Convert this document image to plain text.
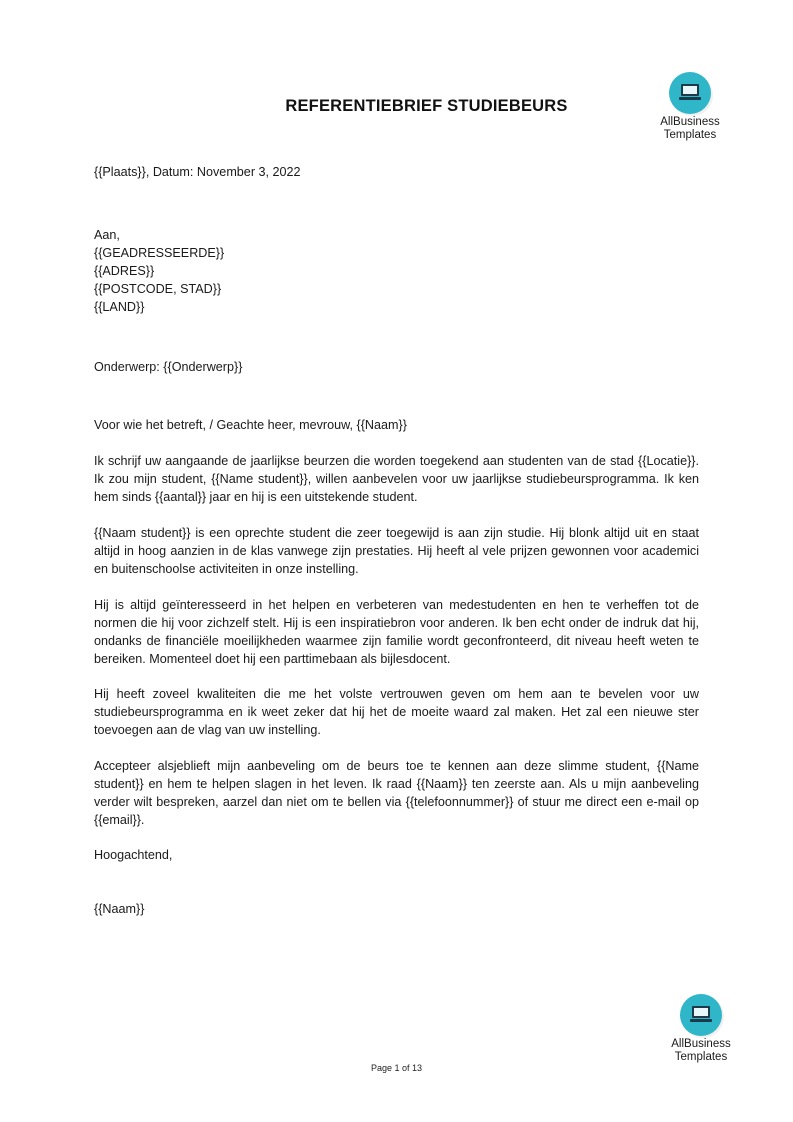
AllBusiness
Templates
REFERENTIEBRIEF STUDIEBEURS
{{Plaats}}, Datum: November 3, 2022
Aan,
{{GEADRESSEERDE}}
{{ADRES}}
{{POSTCODE, STAD}}
{{LAND}}
Onderwerp: {{Onderwerp}}
Voor wie het betreft, / Geachte heer, mevrouw, {{Naam}}
Ik schrijf uw aangaande de jaarlijkse beurzen die worden toegekend aan studenten van de stad {{Locatie}}. Ik zou mijn student, {{Name student}}, willen aanbevelen voor uw jaarlijkse studiebeursprogramma. Ik ken hem sinds {{aantal}} jaar en hij is een uitstekende student.
{{Naam student}} is een oprechte student die zeer toegewijd is aan zijn studie. Hij blonk altijd uit en staat altijd in hoog aanzien in de klas vanwege zijn prestaties. Hij heeft al vele prijzen gewonnen voor academici en buitenschoolse activiteiten in onze instelling.
Hij is altijd geïnteresseerd in het helpen en verbeteren van medestudenten en hen te verheffen tot de normen die hij voor zichzelf stelt. Hij is een inspiratiebron voor anderen. Ik ben echt onder de indruk dat hij, ondanks de financiële moeilijkheden waarmee zijn familie wordt geconfronteerd, dit niveau heeft weten te bereiken. Momenteel doet hij een parttimebaan als bijlesdocent.
Hij heeft zoveel kwaliteiten die me het volste vertrouwen geven om hem aan te bevelen voor uw studiebeursprogramma en ik weet zeker dat hij het de moeite waard zal maken. Het zal een nieuwe ster toevoegen aan de vlag van uw instelling.
Accepteer alsjeblieft mijn aanbeveling om de beurs toe te kennen aan deze slimme student, {{Name student}} en hem te helpen slagen in het leven. Ik raad {{Naam}} ten zeerste aan. Als u mijn aanbeveling verder wilt bespreken, aarzel dan niet om te bellen via {{telefoonnummer}} of stuur me direct een e-mail op {{email}}.
Hoogachtend,
{{Naam}}
AllBusiness
Templates
Page 1 of 13
